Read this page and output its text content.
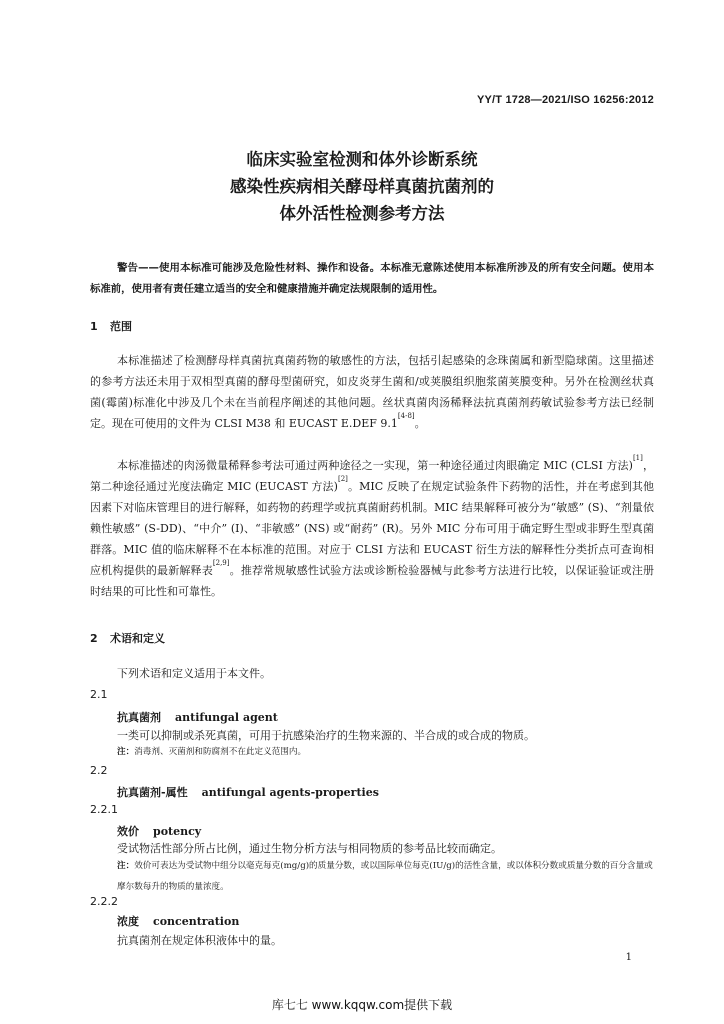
YY/T 1728—2021/ISO 16256:2012
临床实验室检测和体外诊断系统
感染性疾病相关酵母样真菌抗菌剂的
体外活性检测参考方法
警告——使用本标准可能涉及危险性材料、操作和设备。本标准无意陈述使用本标准所涉及的所有安全问题。使用本标准前，使用者有责任建立适当的安全和健康措施并确定法规限制的适用性。
1 范围
本标准描述了检测酵母样真菌抗真菌药物的敏感性的方法，包括引起感染的念珠菌属和新型隐球菌。这里描述的参考方法还未用于双相型真菌的酵母型菌研究，如皮炎芽生菌和/或荚膜组织胞浆菌荚膜变种。另外在检测丝状真菌(霉菌)标准化中涉及几个未在当前程序阐述的其他问题。丝状真菌肉汤稀释法抗真菌剂药敏试验参考方法已经制定。现在可使用的文件为 CLSI M38 和 EUCAST E.DEF 9.1[4-8]。
本标准描述的肉汤微量稀释参考法可通过两种途径之一实现，第一种途径通过肉眼确定 MIC (CLSI 方法)[1]，第二种途径通过光度法确定 MIC (EUCAST 方法)[2]。MIC 反映了在规定试验条件下药物的活性，并在考虑到其他因素下对临床管理目的进行解释，如药物的药理学或抗真菌耐药机制。MIC 结果解释可被分为“敏感” (S)、“剂量依赖性敏感” (S-DD)、“中介” (I)、“非敏感” (NS) 或“耐药” (R)。另外 MIC 分布可用于确定野生型或非野生型真菌群落。MIC 值的临床解释不在本标准的范围。对应于 CLSI 方法和 EUCAST 衍生方法的解释性分类折点可查询相应机构提供的最新解释表[2,9]。推荐常规敏感性试验方法或诊断检验器械与此参考方法进行比较，以保证验证或注册时结果的可比性和可靠性。
2 术语和定义
下列术语和定义适用于本文件。
2.1
抗真菌剂 antifungal agent
一类可以抑制或杀死真菌，可用于抗感染治疗的生物来源的、半合成的或合成的物质。
注：消毒剂、灭菌剂和防腐剂不在此定义范围内。
2.2
抗真菌剂-属性 antifungal agents-properties
2.2.1
效价 potency
受试物活性部分所占比例，通过生物分析方法与相同物质的参考品比较而确定。
注：效价可表达为受试物中组分以毫克每克(mg/g)的质量分数，或以国际单位每克(IU/g)的活性含量，或以体积分数或质量分数的百分含量或摩尔数每升的物质的量浓度。
2.2.2
浓度 concentration
抗真菌剂在规定体积液体中的量。
1
库七七 www.kqqw.com提供下载
